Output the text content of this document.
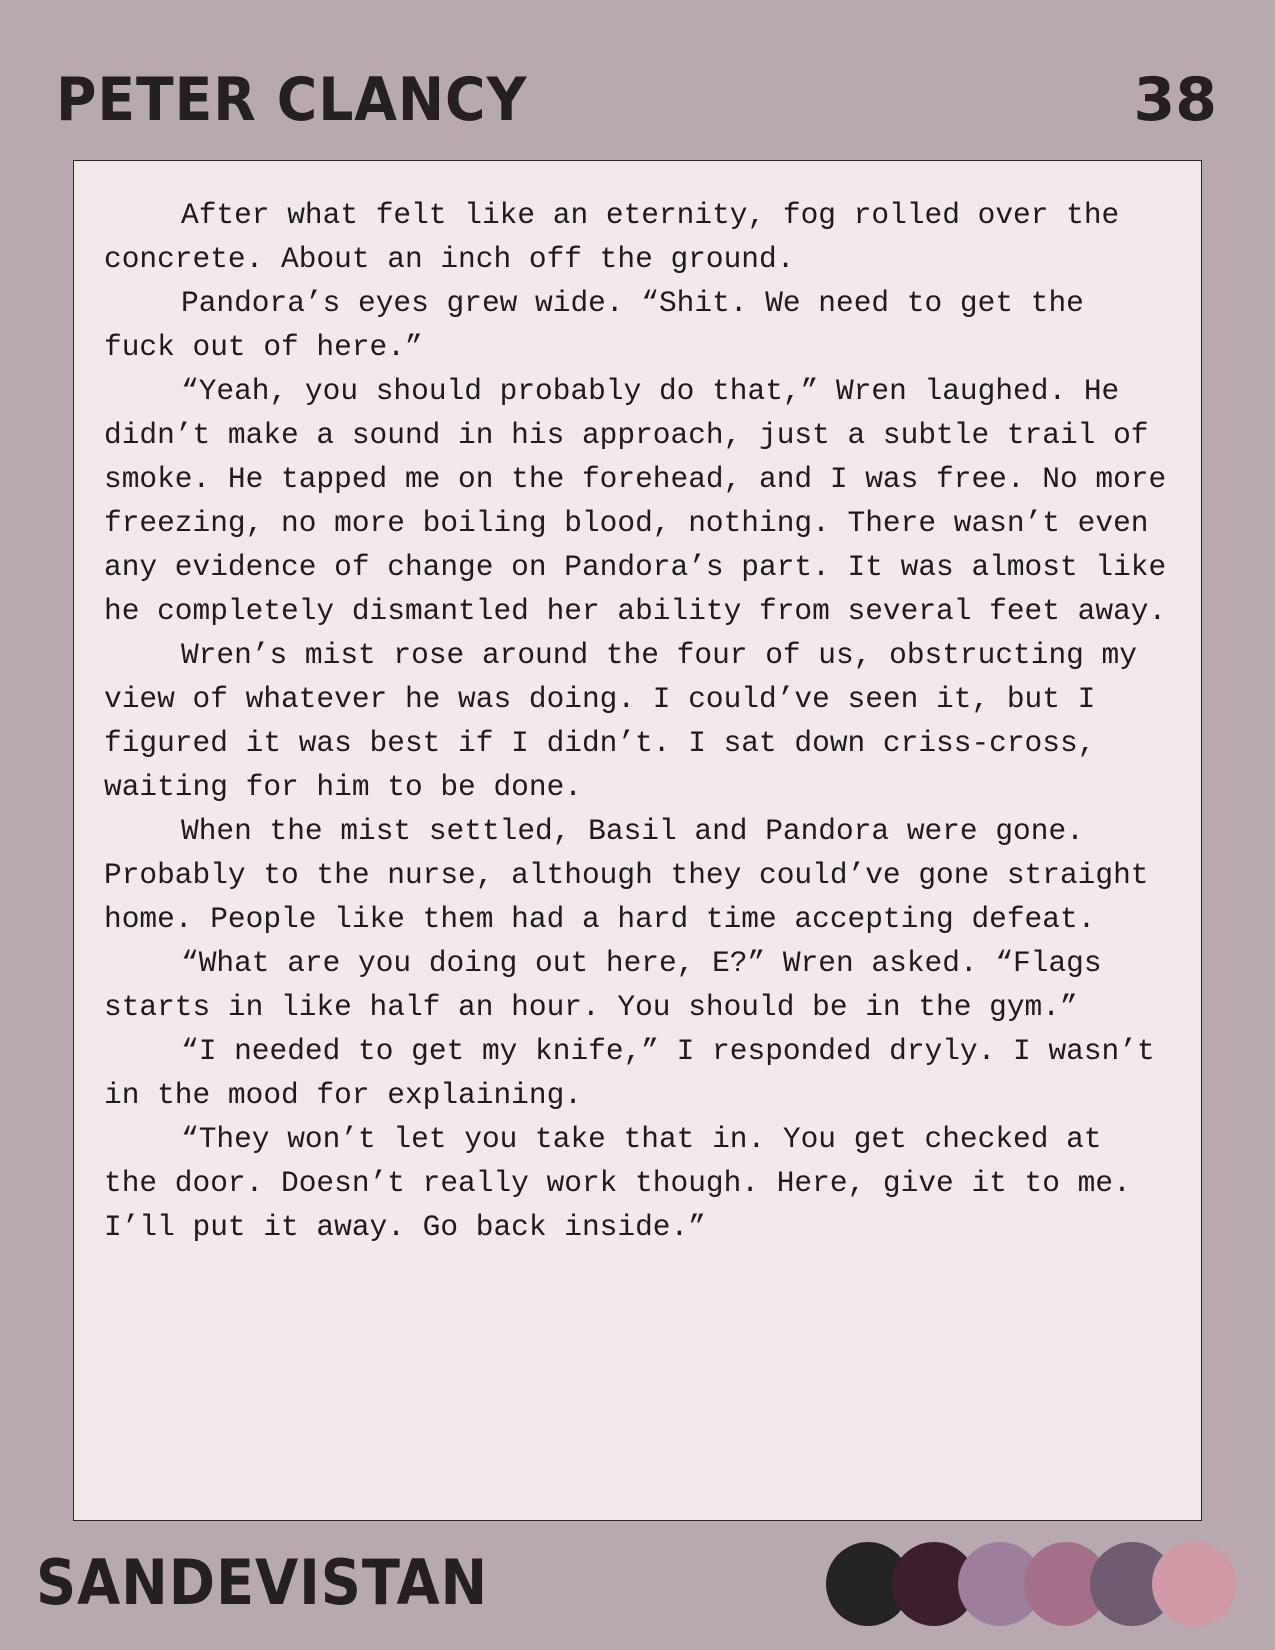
PETER CLANCY	38

After what felt like an eternity, fog rolled over the concrete. About an inch off the ground.

Pandora’s eyes grew wide. “Shit. We need to get the fuck out of here.”

“Yeah, you should probably do that,” Wren laughed. He didn’t make a sound in his approach, just a subtle trail of smoke. He tapped me on the forehead, and I was free. No more freezing, no more boiling blood, nothing. There wasn’t even any evidence of change on Pandora’s part. It was almost like he completely dismantled her ability from several feet away.

Wren’s mist rose around the four of us, obstructing my view of whatever he was doing. I could’ve seen it, but I figured it was best if I didn’t. I sat down criss-cross, waiting for him to be done.

When the mist settled, Basil and Pandora were gone. Probably to the nurse, although they could’ve gone straight home. People like them had a hard time accepting defeat.

“What are you doing out here, E?” Wren asked. “Flags starts in like half an hour. You should be in the gym.”

“I needed to get my knife,” I responded dryly. I wasn’t in the mood for explaining.

“They won’t let you take that in. You get checked at the door. Doesn’t really work though. Here, give it to me. I’ll put it away. Go back inside.”

SANDEVISTAN
